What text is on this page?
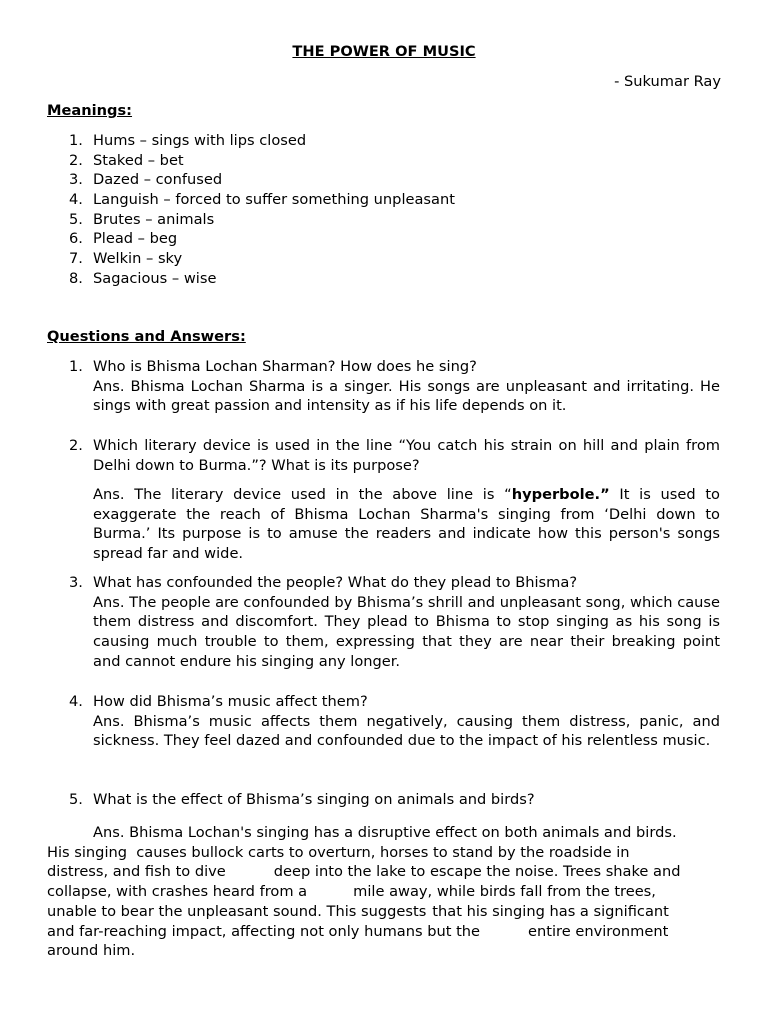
THE POWER OF MUSIC
- Sukumar Ray
Meanings:
1. Hums – sings with lips closed
2. Staked – bet
3. Dazed – confused
4. Languish – forced to suffer something unpleasant
5. Brutes – animals
6. Plead – beg
7. Welkin – sky
8. Sagacious – wise
Questions and Answers:
1. Who is Bhisma Lochan Sharman? How does he sing?
Ans. Bhisma Lochan Sharma is a singer. His songs are unpleasant and irritating. He sings with great passion and intensity as if his life depends on it.
2. Which literary device is used in the line “You catch his strain on hill and plain from Delhi down to Burma.”? What is its purpose?
Ans. The literary device used in the above line is “hyperbole.” It is used to exaggerate the reach of Bhisma Lochan Sharma's singing from ‘Delhi down to Burma.’ Its purpose is to amuse the readers and indicate how this person's songs spread far and wide.
3. What has confounded the people? What do they plead to Bhisma?
Ans. The people are confounded by Bhisma’s shrill and unpleasant song, which cause them distress and discomfort. They plead to Bhisma to stop singing as his song is causing much trouble to them, expressing that they are near their breaking point and cannot endure his singing any longer.
4. How did Bhisma’s music affect them?
Ans. Bhisma’s music affects them negatively, causing them distress, panic, and sickness. They feel dazed and confounded due to the impact of his relentless music.
5. What is the effect of Bhisma’s singing on animals and birds?
Ans. Bhisma Lochan's singing has a disruptive effect on both animals and birds.
His singing  causes bullock carts to overturn, horses to stand by the roadside in
distress, and fish to dive	deep into the lake to escape the noise. Trees shake and
collapse, with crashes heard from a	mile away, while birds fall from the trees,
unable to bear the unpleasant sound. This suggests that his singing has a significant
and far-reaching impact, affecting not only humans but the	entire environment
around him.
